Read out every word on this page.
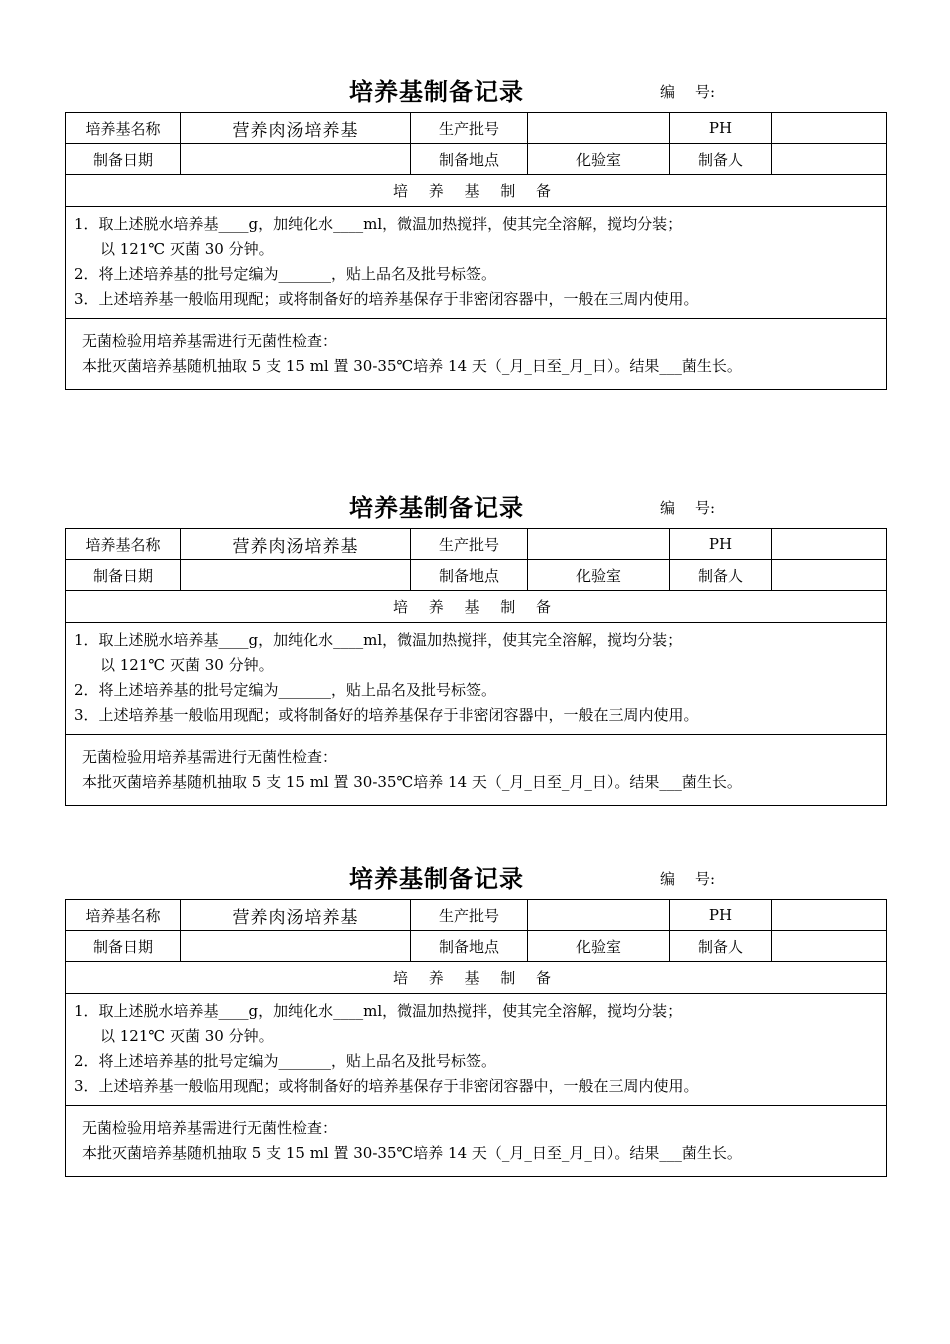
培养基制备记录	编 号:
培养基名称	营养肉汤培养基	生产批号		PH	
制备日期		制备地点	化验室	制备人	
培 养 基 制 备					

1．取上述脱水培养基____g，加纯化水____ml，微温加热搅拌，使其完全溶解，搅均分装；
以 121℃ 灭菌 30 分钟。
2．将上述培养基的批号定编为_______，贴上品名及批号标签。
3．上述培养基一般临用现配；或将制备好的培养基保存于非密闭容器中，一般在三周内使用。					

无菌检验用培养基需进行无菌性检查：
本批灭菌培养基随机抽取 5 支 15 ml 置 30-35℃培养 14 天（_月_日至_月_日）。结果___菌生长。					
培养基制备记录	编 号:
培养基名称	营养肉汤培养基	生产批号		PH	
制备日期		制备地点	化验室	制备人	
培 养 基 制 备					

1．取上述脱水培养基____g，加纯化水____ml，微温加热搅拌，使其完全溶解，搅均分装；
以 121℃ 灭菌 30 分钟。
2．将上述培养基的批号定编为_______，贴上品名及批号标签。
3．上述培养基一般临用现配；或将制备好的培养基保存于非密闭容器中，一般在三周内使用。					

无菌检验用培养基需进行无菌性检查：
本批灭菌培养基随机抽取 5 支 15 ml 置 30-35℃培养 14 天（_月_日至_月_日）。结果___菌生长。					
培养基制备记录	编 号:
培养基名称	营养肉汤培养基	生产批号		PH	
制备日期		制备地点	化验室	制备人	
培 养 基 制 备					

1．取上述脱水培养基____g，加纯化水____ml，微温加热搅拌，使其完全溶解，搅均分装；
以 121℃ 灭菌 30 分钟。
2．将上述培养基的批号定编为_______，贴上品名及批号标签。
3．上述培养基一般临用现配；或将制备好的培养基保存于非密闭容器中，一般在三周内使用。					

无菌检验用培养基需进行无菌性检查：
本批灭菌培养基随机抽取 5 支 15 ml 置 30-35℃培养 14 天（_月_日至_月_日）。结果___菌生长。					
